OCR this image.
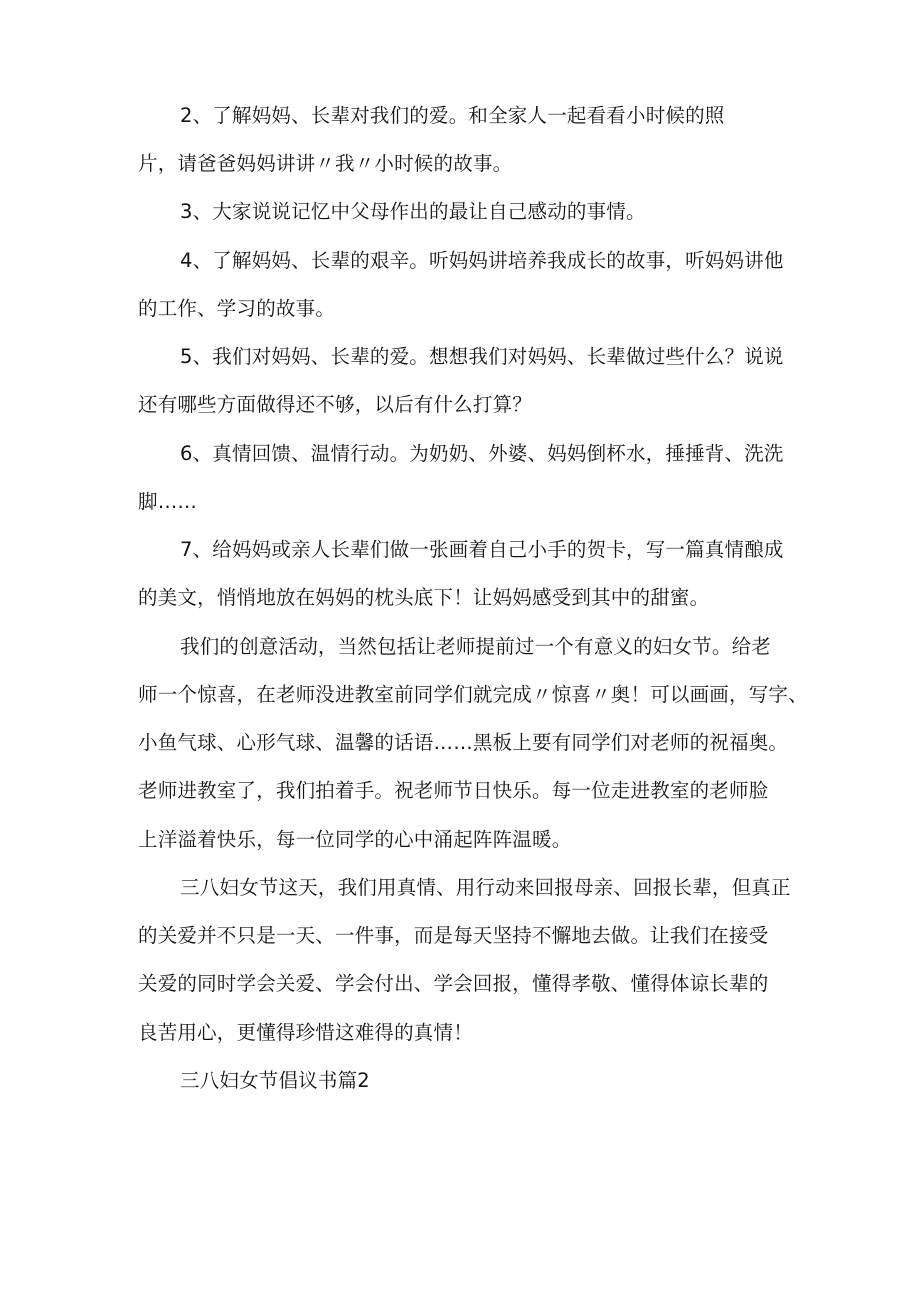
2、了解妈妈、长辈对我们的爱。和全家人一起看看小时候的照
片，请爸爸妈妈讲讲〃我〃小时候的故事。
3、大家说说记忆中父母作出的最让自己感动的事情。
4、了解妈妈、长辈的艰辛。听妈妈讲培养我成长的故事，听妈妈讲他
的工作、学习的故事。
5、我们对妈妈、长辈的爱。想想我们对妈妈、长辈做过些什么？说说
还有哪些方面做得还不够，以后有什么打算？
6、真情回馈、温情行动。为奶奶、外婆、妈妈倒杯水，捶捶背、洗洗
脚……
7、给妈妈或亲人长辈们做一张画着自己小手的贺卡，写一篇真情酿成
的美文，悄悄地放在妈妈的枕头底下！让妈妈感受到其中的甜蜜。
我们的创意活动，当然包括让老师提前过一个有意义的妇女节。给老
师一个惊喜，在老师没进教室前同学们就完成〃惊喜〃奥！可以画画，写字、
小鱼气球、心形气球、温馨的话语……黑板上要有同学们对老师的祝福奥。
老师进教室了，我们拍着手。祝老师节日快乐。每一位走进教室的老师脸
上洋溢着快乐，每一位同学的心中涌起阵阵温暖。
三八妇女节这天，我们用真情、用行动来回报母亲、回报长辈，但真正
的关爱并不只是一天、一件事，而是每天坚持不懈地去做。让我们在接受
关爱的同时学会关爱、学会付出、学会回报，懂得孝敬、懂得体谅长辈的
良苦用心，更懂得珍惜这难得的真情！
三八妇女节倡议书篇2
